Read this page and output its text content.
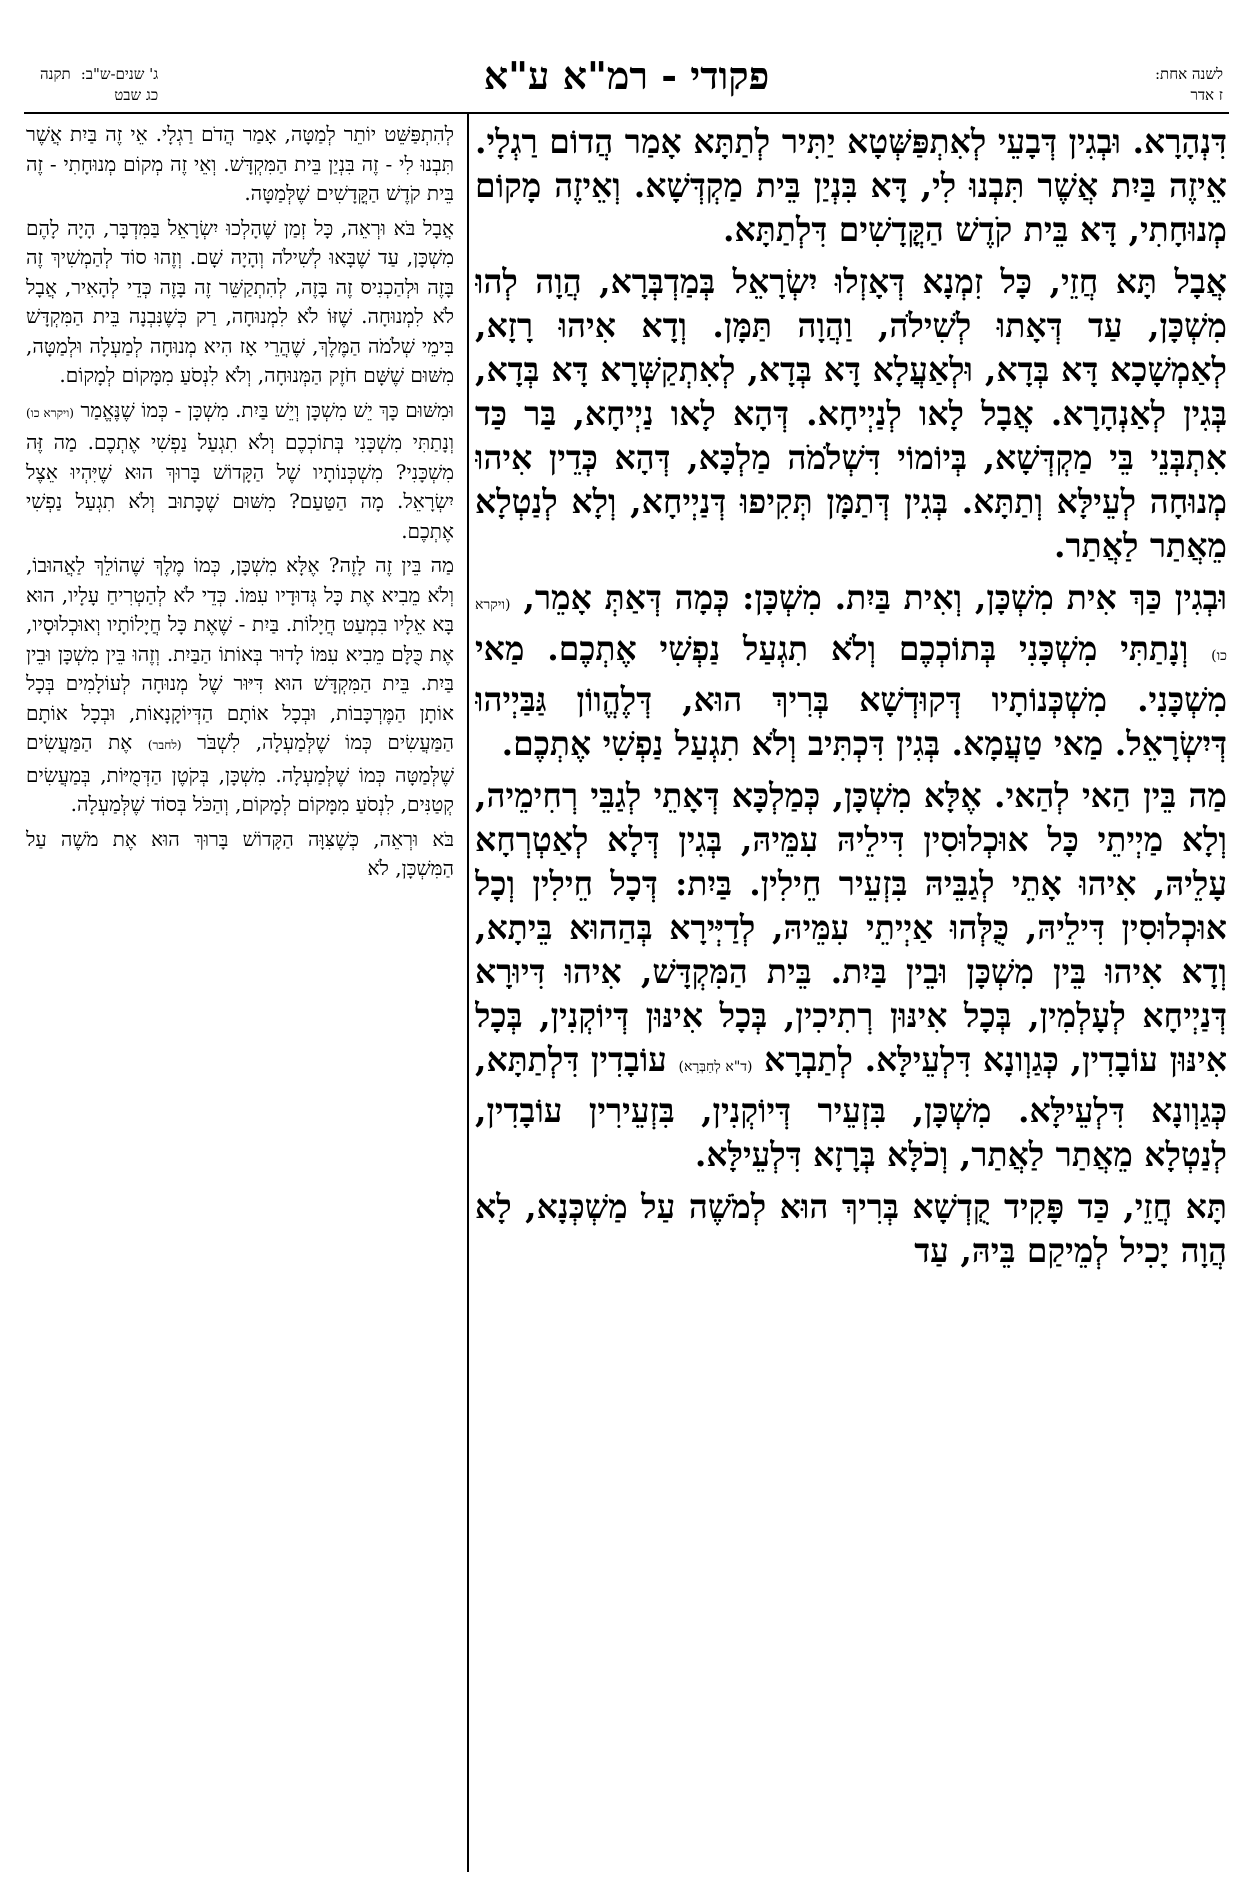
לשנה אחת:
ז אדר
פקודי - רמ"א ע"א
ג' שנים-ש"ב:תקנה
כג שבט

דִּנְהָרָא. וּבְגִין דְּבָעֵי לְאִתְפַּשְּׁטָא יַתִּיר לְתַתָּא אָמַר הֲדוֹם רַגְלָי. אֵיזֶה בַּיִת אֲשֶׁר תִּבְנוּ לִי, דָּא בִּנְיַן בֵּית מַקְדְּשָׁא. וְאֵיזֶה מָקוֹם מְנוּחָתִי, דָּא בֵּית קֹדֶשׁ הַקֳּדָשִׁים דִּלְתַתָּא.

אֲבָל תָּא חֲזֵי, כָּל זִמְנָא דְּאָזְלוּ יִשְׂרָאֵל בְּמַדְבְּרָא, הֲוָה לְהוּ מִשְׁכָּן, עַד דְּאָתוּ לְשִׁילֹה, וַהֲוָה תַּמָּן. וְדָא אִיהוּ רָזָא, לְאַמְשָׁכָא דָּא בְּדָא, וּלְאַעֲלָא דָּא בְּדָא, לְאִתְקַשְּׁרָא דָּא בְּדָא, בְּגִין לְאַנְהָרָא. אֲבָל לָאו לְנַיְיחָא. דְּהָא לָאו נַיְיחָא, בַּר כַּד אִתְבְּנֵי בֵּי מַקְדְּשָׁא, בְּיוֹמוֹי דִּשְׁלֹמֹה מַלְכָּא, דְּהָא כְּדֵין אִיהוּ מְנוּחָה לְעֵילָּא וְתַתָּא. בְּגִין דְּתַמָּן תְּקִיפוּ דְּנַיְיחָא, וְלָא לְנַטְלָא מֵאֲתַר לַאֲתַר.

וּבְגִין כַּךְ אִית מִשְׁכָּן, וְאִית בַּיִת. מִשְׁכָּן: כְּמָה דְּאַתְּ אָמֵר, (ויקרא כו) וְנָתַתִּי מִשְׁכָּנִי בְּתוֹכְכֶם וְלֹא תִגְעַל נַפְשִׁי אֶתְכֶם. מַאי מִשְׁכָּנִי. מִשְׁכְּנוֹתָיו דְּקוּדְשָׁא בְּרִיךְ הוּא, דְּלֶהֱווֹן גַּבַּיְיהוּ דְּיִשְׂרָאֵל. מַאי טַעֲמָא. בְּגִין דִּכְתִּיב וְלֹא תִגְעַל נַפְשִׁי אֶתְכֶם.

מַה בֵּין הַאי לְהַאי. אֶלָּא מִשְׁכָּן, כְּמַלְכָּא דְּאָתֵי לְגַבֵּי רְחִימֵיה, וְלָא מַיְיתֵי כָּל אוּכְלוּסִין דִּילֵיהּ עִמֵּיהּ, בְּגִין דְּלָא לְאַטְרְחָא עָלֵיהּ, אִיהוּ אָתֵי לְגַבֵּיהּ בִּזְעֵיר חֵילִין. בַּיִת: דְּכָל חֵילִין וְכָל אוּכְלוּסִין דִּילֵיהּ, כֻּלְּהוּ אַיְיתֵי עִמֵּיהּ, לְדַיְּירָא בְּהַהוּא בֵּיתָא, וְדָא אִיהוּ בֵּין מִשְׁכָּן וּבֵין בַּיִת. בֵּית הַמִּקְדָּשׁ, אִיהוּ דִּיוּרָא דְּנַיְיחָא לְעָלְמִין, בְּכָל אִינּוּן רְתִיכִין, בְּכָל אִינּוּן דְּיוֹקְנִין, בְּכָל אִינּוּן עוֹבָדִין, כְּגַוְונָא דִּלְעֵילָּא. לְתַבְרָא (ד"א לְחַבְּרָא) עוֹבָדִין דִּלְתַתָּא, כְּגַוְונָא דִּלְעֵילָּא. מִשְׁכָּן, בִּזְעֵיר דְּיוֹקְנִין, בִּזְעֵירִין עוֹבָדִין, לְנַטְלָא מֵאֲתַר לַאֲתַר, וְכֹלָּא בְּרָזָא דִּלְעֵילָּא.

תָּא חֲזֵי, כַּד פָּקִיד קֻדְשָׁא בְּרִיךְ הוּא לְמֹשֶׁה עַל מַשְׁכְּנָא, לָא הֲוָה יָכִיל לְמֵיקַם בֵּיהּ, עַד

לְהִתְפַּשֵּׁט יוֹתֵר לְמַטָּה, אָמַר הֲדֹם רַגְלָי. אֵי זֶה בַּיִת אֲשֶׁר תִּבְנוּ לִי - זֶה בִּנְיַן בֵּית הַמִּקְדָּשׁ. וְאֵי זֶה מְקוֹם מְנוּחָתִי - זֶה בֵּית קֹדֶשׁ הַקֳּדָשִׁים שֶׁלְּמַטָּה.

אֲבָל בֹּא וּרְאֵה, כָּל זְמַן שֶׁהָלְכוּ יִשְׂרָאֵל בַּמִּדְבָּר, הָיָה לָהֶם מִשְׁכָּן, עַד שֶׁבָּאוּ לְשִׁילֹה וְהָיָה שָׁם. וְזֶהוּ סוֹד לְהַמְשִׁיךְ זֶה בָּזֶה וּלְהַכְנִיס זֶה בָּזֶה, לְהִתְקַשֵּׁר זֶה בָּזֶה כְּדֵי לְהָאִיר, אֲבָל לֹא לִמְנוּחָה. שֶׁזּוֹ לֹא לִמְנוּחָה, רַק כְּשֶׁנִּבְנָה בֵּית הַמִּקְדָּשׁ בִּימֵי שְׁלֹמֹה הַמֶּלֶךְ, שֶׁהֲרֵי אָז הִיא מְנוּחָה לְמַעְלָה וּלְמַטָּה, מִשּׁוּם שֶׁשָּׁם חֹזֶק הַמְּנוּחָה, וְלֹא לִנְסֹעַ מִמָּקוֹם לְמָקוֹם.

וּמִשּׁוּם כָּךְ יֵשׁ מִשְׁכָּן וְיֵשׁ בַּיִת. מִשְׁכָּן - כְּמוֹ שֶׁנֶּאֱמַר (ויקרא כו) וְנָתַתִּי מִשְׁכָּנִי בְּתוֹכְכֶם וְלֹא תִגְעַל נַפְשִׁי אֶתְכֶם. מַה זֶּה מִשְׁכָּנִי? מִשְׁכְּנוֹתָיו שֶׁל הַקָּדוֹשׁ בָּרוּךְ הוּא שֶׁיִּהְיוּ אֵצֶל יִשְׂרָאֵל. מָה הַטַּעַם? מִשּׁוּם שֶׁכָּתוּב וְלֹא תִגְעַל נַפְשִׁי אֶתְכֶם.

מַה בֵּין זֶה לָזֶה? אֶלָּא מִשְׁכָּן, כְּמוֹ מֶלֶךְ שֶׁהוֹלֵךְ לַאֲהוּבוֹ, וְלֹא מֵבִיא אֶת כָּל גְּדוּדָיו עִמּוֹ. כְּדֵי לֹא לְהַטְרִיחַ עָלָיו, הוּא בָּא אֵלָיו בִּמְעַט חֲיָלוֹת. בַּיִת - שֶׁאֶת כָּל חֲיָלוֹתָיו וְאוּכְלוּסָיו, אֶת כֻּלָּם מֵבִיא עִמּוֹ לָדוּר בְּאוֹתוֹ הַבַּיִת. וְזֶהוּ בֵּין מִשְׁכָּן וּבֵין בַּיִת. בֵּית הַמִּקְדָּשׁ הוּא דִּיּוּר שֶׁל מְנוּחָה לְעוֹלָמִים בְּכָל אוֹתָן הַמֶּרְכָּבוֹת, וּבְכָל אוֹתָם הַדְּיוֹקָנָאוֹת, וּבְכָל אוֹתָם הַמַּעֲשִׂים כְּמוֹ שֶׁלְּמַעְלָה, לִשְׁבֹּר (לחבר) אֶת הַמַּעֲשִׂים שֶׁלְּמַטָּה כְּמוֹ שֶׁלְּמַעְלָה. מִשְׁכָּן, בְּקֹטֶן הַדְּמֻיּוֹת, בְּמַעֲשִׂים קְטַנִּים, לִנְסֹעַ מִמָּקוֹם לְמָקוֹם, וְהַכֹּל בְּסוֹד שֶׁלְּמַעְלָה.

בֹּא וּרְאֵה, כְּשֶׁצִּוָּה הַקָּדוֹשׁ בָּרוּךְ הוּא אֶת מֹשֶׁה עַל הַמִּשְׁכָּן, לֹא
